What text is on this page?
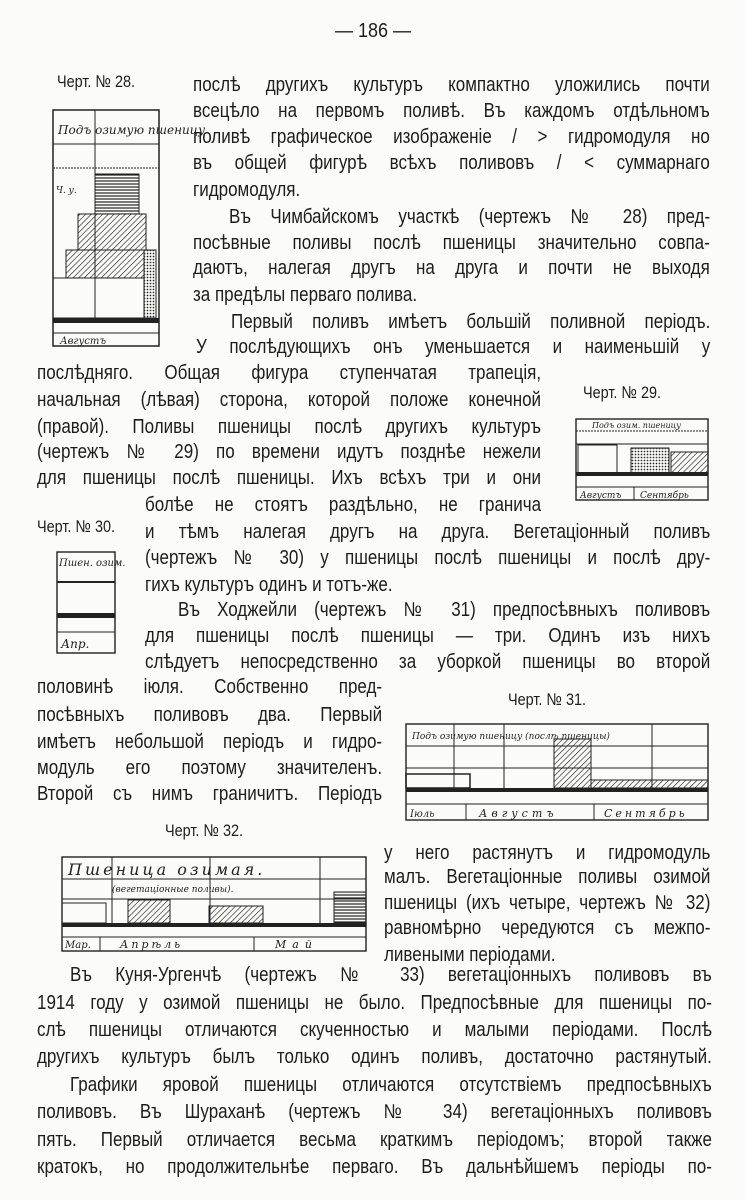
— 186 —
послѣ другихъ культуръ компактно уложились почти
всецѣло на первомъ поливѣ. Въ каждомъ отдѣльномъ
поливѣ графическое изображенiе / > гидромодуля но
въ общей фигурѣ всѣхъ поливовъ / < суммарнаго
гидромодуля.
Въ Чимбайскомъ участкѣ (чертежъ № 28) пред-
посѣвные поливы послѣ пшеницы значительно совпа-
даютъ, налегая другъ на друга и почти не выходя
за предѣлы перваго полива.
Первый поливъ имѣетъ большiй поливной перiодъ.
У послѣдующихъ онъ уменьшается и наименьшiй у
послѣдняго. Общая фигура ступенчатая трапецiя,
начальная (лѣвая) сторона, которой положе конечной
(правой). Поливы пшеницы послѣ другихъ культуръ
(чертежъ № 29) по времени идутъ позднѣе нежели
для пшеницы послѣ пшеницы. Ихъ всѣхъ три и они
болѣе не стоятъ раздѣльно, не гранича
и тѣмъ налегая другъ на друга. Вегетацiонный поливъ
(чертежъ № 30) у пшеницы послѣ пшеницы и послѣ дру-
гихъ культуръ одинъ и тотъ-же.
Въ Ходжейли (чертежъ № 31) предпосѣвныхъ поливовъ
для пшеницы послѣ пшеницы — три. Одинъ изъ нихъ
слѣдуетъ непосредственно за уборкой пшеницы во второй
половинѣ iюля. Собственно пред-
посѣвныхъ поливовъ два. Первый
имѣетъ небольшой перiодъ и гидро-
модуль его поэтому значителенъ.
Второй съ нимъ граничитъ. Перiодъ
у него растянутъ и гидромодуль
малъ. Вегетацiонные поливы озимой
пшеницы (ихъ четыре, чертежъ № 32)
равномѣрно чередуются съ межпо-
ливеными перiодами.
Въ Куня-Ургенчѣ (чертежъ № 33) вегетацiонныхъ поливовъ въ
1914 году у озимой пшеницы не было. Предпосѣвные для пшеницы по-
слѣ пшеницы отличаются скученностью и малыми перiодами. Послѣ
другихъ культуръ былъ только одинъ поливъ, достаточно растянутый.
Графики яровой пшеницы отличаются отсутствiемъ предпосѣвныхъ
поливовъ. Въ Шураханѣ (чертежъ № 34) вегетацiонныхъ поливовъ
пять. Первый отличается весьма краткимъ перiодомъ; второй также
кратокъ, но продолжительнѣе перваго. Въ дальнѣйшемъ перiоды по-
Черт. № 28.
Подъ озимую пшеницу
Ч. у.
Августъ
Черт. № 29.
Подъ озим. пшеницу
Августъ Сентябрь
Черт. № 30.
Пшен. озим.
Апр.
Черт. № 31.
Подъ озимую пшеницу (послѣ пшеницы)
Iюль	Августъ	Сентябрь
Черт. № 32.
Пшеница озимая.
(вегетацiонные поливы).
Мар.	Апрѣль	Май
